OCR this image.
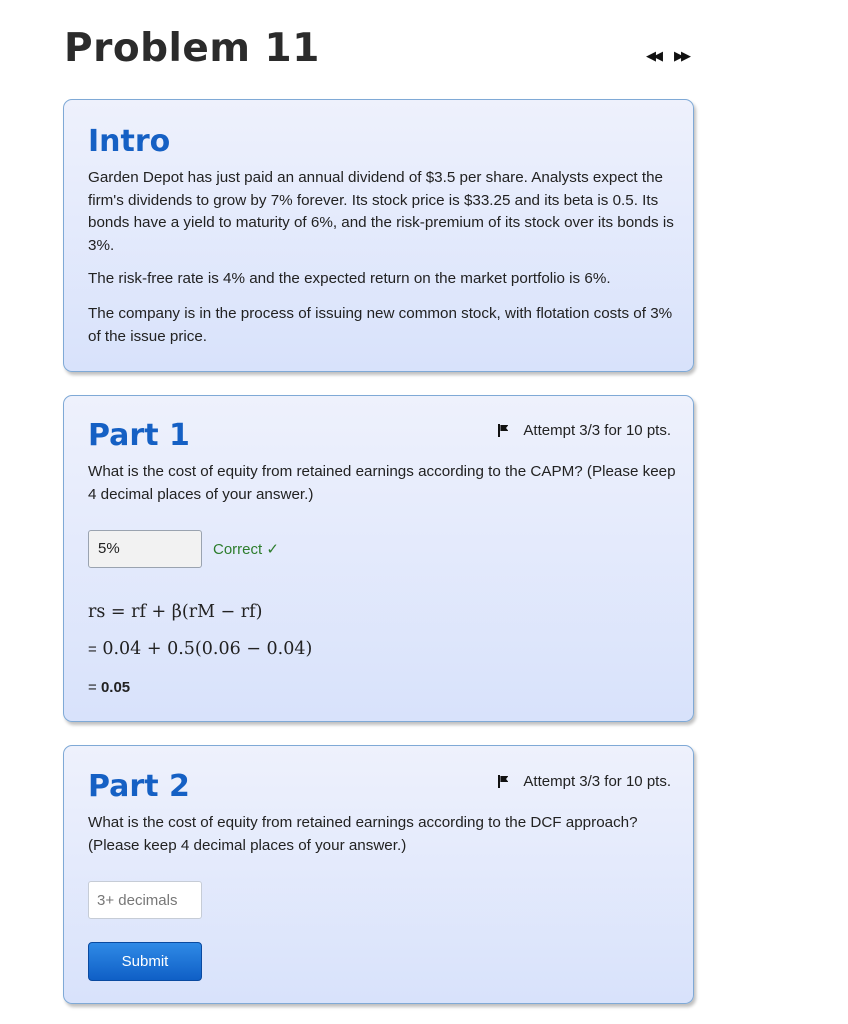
Problem 11	◀◀ ▶▶
Intro

Garden Depot has just paid an annual dividend of $3.5 per share. Analysts expect the firm's dividends to grow by 7% forever. Its stock price is $33.25 and its beta is 0.5. Its bonds have a yield to maturity of 6%, and the risk-premium of its stock over its bonds is 3%.

The risk-free rate is 4% and the expected return on the market portfolio is 6%.

The company is in the process of issuing new common stock, with flotation costs of 3% of the issue price.

Part 1	Attempt 3/3 for 10 pts.

What is the cost of equity from retained earnings according to the CAPM? (Please keep 4 decimal places of your answer.)

5%	Correct ✓
rs = rf + β(rM − rf)
= 0.04 + 0.5(0.06 − 0.04)
= 0.05
Part 2	Attempt 3/3 for 10 pts.

What is the cost of equity from retained earnings according to the DCF approach? (Please keep 4 decimal places of your answer.)

3+ decimals
Submit
